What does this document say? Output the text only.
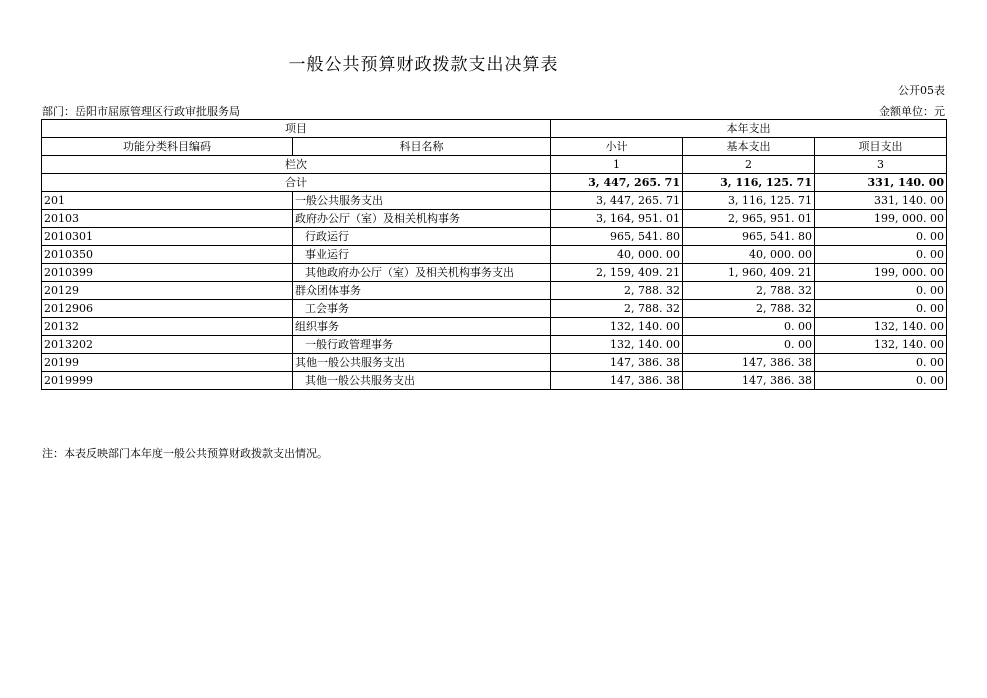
一般公共预算财政拨款支出决算表
公开05表
部门：岳阳市屈原管理区行政审批服务局	金额单位：元
项目		本年支出		
功能分类科目编码	科目名称	小计	基本支出	项目支出
栏次		1	2	3
合计		3, 447, 265. 71	3, 116, 125. 71	331, 140. 00
201	一般公共服务支出	3, 447, 265. 71	3, 116, 125. 71	331, 140. 00
20103	政府办公厅（室）及相关机构事务	3, 164, 951. 01	2, 965, 951. 01	199, 000. 00
2010301	行政运行	965, 541. 80	965, 541. 80	0. 00
2010350	事业运行	40, 000. 00	40, 000. 00	0. 00
2010399	其他政府办公厅（室）及相关机构事务支出	2, 159, 409. 21	1, 960, 409. 21	199, 000. 00
20129	群众团体事务	2, 788. 32	2, 788. 32	0. 00
2012906	工会事务	2, 788. 32	2, 788. 32	0. 00
20132	组织事务	132, 140. 00	0. 00	132, 140. 00
2013202	一般行政管理事务	132, 140. 00	0. 00	132, 140. 00
20199	其他一般公共服务支出	147, 386. 38	147, 386. 38	0. 00
2019999	其他一般公共服务支出	147, 386. 38	147, 386. 38	0. 00
注：本表反映部门本年度一般公共预算财政拨款支出情况。
